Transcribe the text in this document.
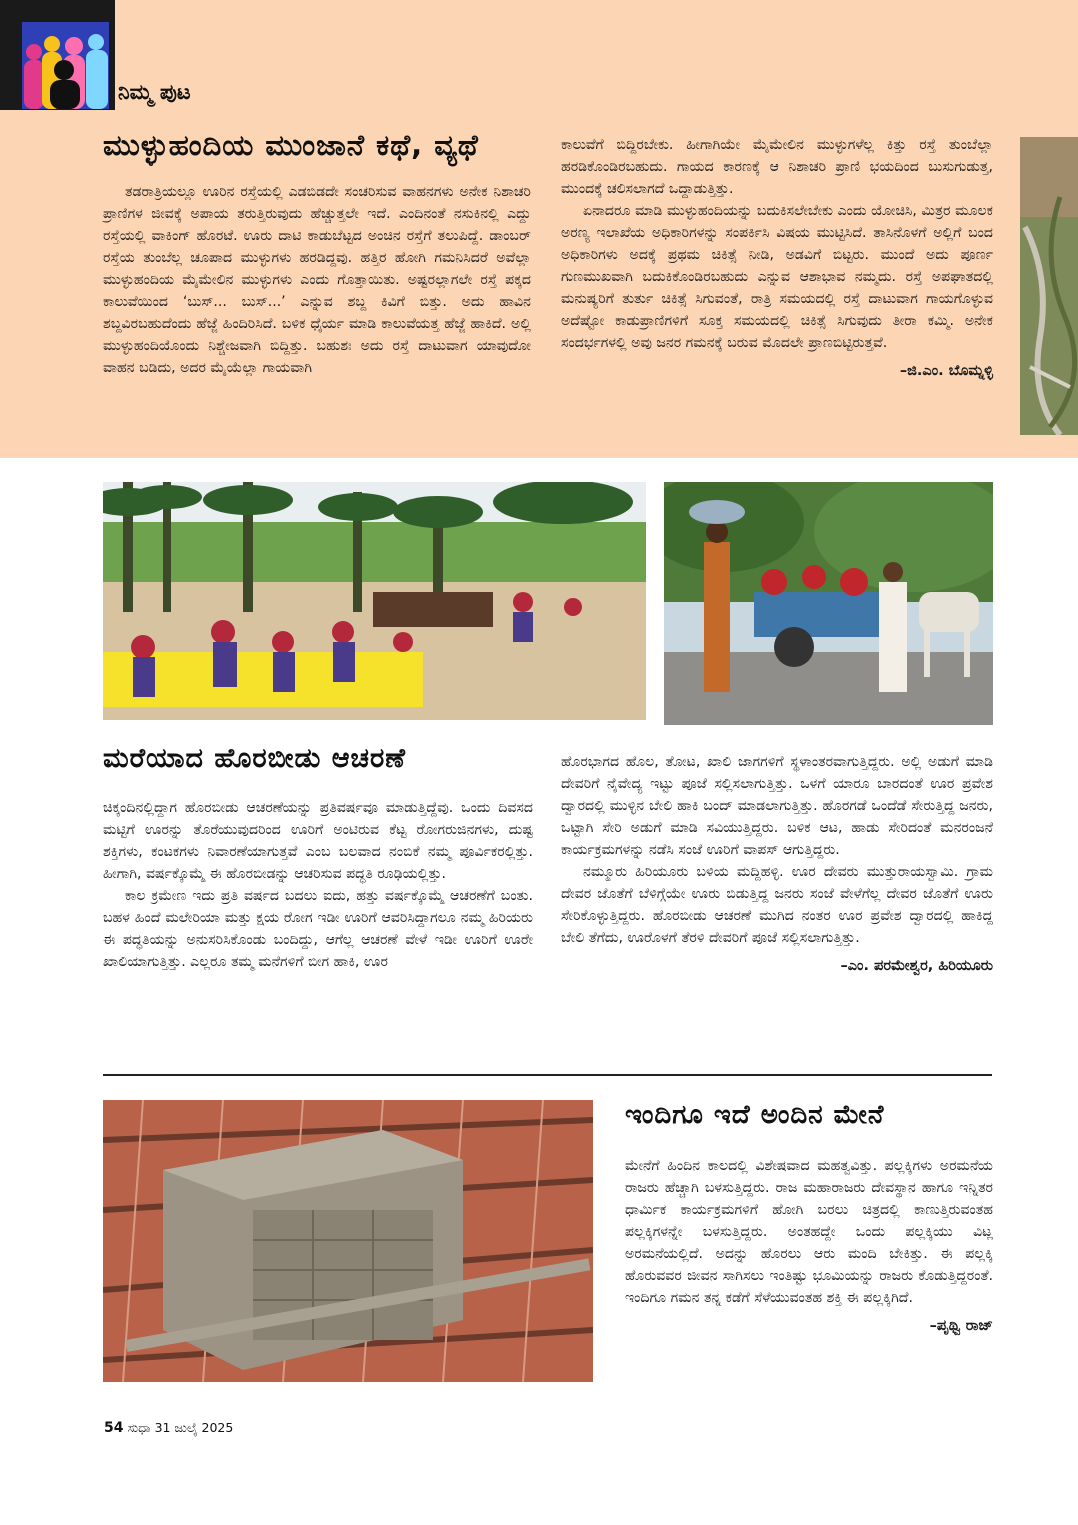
ನಿಮ್ಮ ಪುಟ
ಮುಳ್ಳುಹಂದಿಯ ಮುಂಜಾನೆ ಕಥೆ, ವ್ಯಥೆ

ತಡರಾತ್ರಿಯಲ್ಲೂ ಊರಿನ ರಸ್ತೆಯಲ್ಲಿ ಎಡಬಿಡದೇ ಸಂಚರಿಸುವ ವಾಹನಗಳು ಅನೇಕ ನಿಶಾಚರಿ ಪ್ರಾಣಿಗಳ ಜೀವಕ್ಕೆ ಅಪಾಯ ತರುತ್ತಿರುವುದು ಹೆಚ್ಚುತ್ತಲೇ ಇದೆ. ಎಂದಿನಂತೆ ನಸುಕಿನಲ್ಲಿ ಎದ್ದು ರಸ್ತೆಯಲ್ಲಿ ವಾಕಿಂಗ್ ಹೊರಟೆ. ಊರು ದಾಟಿ ಕಾಡುಬೆಟ್ಟದ ಅಂಚಿನ ರಸ್ತೆಗೆ ತಲುಪಿದ್ದೆ. ಡಾಂಬರ್ ರಸ್ತೆಯ ತುಂಬೆಲ್ಲ ಚೂಪಾದ ಮುಳ್ಳುಗಳು ಹರಡಿದ್ದವು. ಹತ್ತಿರ ಹೋಗಿ ಗಮನಿಸಿದರೆ ಅವೆಲ್ಲಾ ಮುಳ್ಳುಹಂದಿಯ ಮೈಮೇಲಿನ ಮುಳ್ಳುಗಳು ಎಂದು ಗೊತ್ತಾಯಿತು. ಅಷ್ಟರಲ್ಲಾಗಲೇ ರಸ್ತೆ ಪಕ್ಕದ ಕಾಲುವೆಯಿಂದ ‘ಬುಸ್... ಬುಸ್...’ ಎನ್ನುವ ಶಬ್ದ ಕಿವಿಗೆ ಬಿತ್ತು. ಅದು ಹಾವಿನ ಶಬ್ದವಿರಬಹುದೆಂದು ಹೆಜ್ಜೆ ಹಿಂದಿರಿಸಿದೆ. ಬಳಿಕ ಧೈರ್ಯ ಮಾಡಿ ಕಾಲುವೆಯತ್ತ ಹೆಜ್ಜೆ ಹಾಕಿದೆ. ಅಲ್ಲಿ ಮುಳ್ಳುಹಂದಿಯೊಂದು ನಿಶ್ಚೇಜವಾಗಿ ಬಿದ್ದಿತ್ತು. ಬಹುಶಃ ಅದು ರಸ್ತೆ ದಾಟುವಾಗ ಯಾವುದೋ ವಾಹನ ಬಡಿದು, ಅದರ ಮೈಯೆಲ್ಲಾ ಗಾಯವಾಗಿ

ಕಾಲುವೆಗೆ ಬಿದ್ದಿರಬೇಕು. ಹೀಗಾಗಿಯೇ ಮೈಮೇಲಿನ ಮುಳ್ಳುಗಳೆಲ್ಲ ಕಿತ್ತು ರಸ್ತೆ ತುಂಬೆಲ್ಲಾ ಹರಡಿಕೊಂಡಿರಬಹುದು. ಗಾಯದ ಕಾರಣಕ್ಕೆ ಆ ನಿಶಾಚರಿ ಪ್ರಾಣಿ ಭಯದಿಂದ ಬುಸುಗುಡುತ್ತ, ಮುಂದಕ್ಕೆ ಚಲಿಸಲಾಗದೆ ಒದ್ದಾಡುತ್ತಿತ್ತು.

ಏನಾದರೂ ಮಾಡಿ ಮುಳ್ಳುಹಂದಿಯನ್ನು ಬದುಕಿಸಲೇಬೇಕು ಎಂದು ಯೋಚಿಸಿ, ಮಿತ್ರರ ಮೂಲಕ ಅರಣ್ಯ ಇಲಾಖೆಯ ಅಧಿಕಾರಿಗಳನ್ನು ಸಂಪರ್ಕಿಸಿ ವಿಷಯ ಮುಟ್ಟಿಸಿದೆ. ತಾಸಿನೊಳಗೆ ಅಲ್ಲಿಗೆ ಬಂದ ಅಧಿಕಾರಿಗಳು ಅದಕ್ಕೆ ಪ್ರಥಮ ಚಿಕಿತ್ಸೆ ನೀಡಿ, ಅಡವಿಗೆ ಬಿಟ್ಟರು. ಮುಂದೆ ಅದು ಪೂರ್ಣ ಗುಣಮುಖವಾಗಿ ಬದುಕಿಕೊಂಡಿರಬಹುದು ಎನ್ನುವ ಆಶಾಭಾವ ನಮ್ಮದು. ರಸ್ತೆ ಅಪಘಾತದಲ್ಲಿ ಮನುಷ್ಯರಿಗೆ ತುರ್ತು ಚಿಕಿತ್ಸೆ ಸಿಗುವಂತೆ, ರಾತ್ರಿ ಸಮಯದಲ್ಲಿ ರಸ್ತೆ ದಾಟುವಾಗ ಗಾಯಗೊಳ್ಳುವ ಅದೆಷ್ಟೋ ಕಾಡುಪ್ರಾಣಿಗಳಿಗೆ ಸೂಕ್ತ ಸಮಯದಲ್ಲಿ ಚಿಕಿತ್ಸೆ ಸಿಗುವುದು ತೀರಾ ಕಮ್ಮಿ. ಅನೇಕ ಸಂದರ್ಭಗಳಲ್ಲಿ ಅವು ಜನರ ಗಮನಕ್ಕೆ ಬರುವ ಮೊದಲೇ ಪ್ರಾಣಬಿಟ್ಟಿರುತ್ತವೆ.

–ಜಿ.ಎಂ. ಬೊಮ್ನಳ್ಳಿ
ಮರೆಯಾದ ಹೊರಬೀಡು ಆಚರಣೆ

ಚಿಕ್ಕಂದಿನಲ್ಲಿದ್ದಾಗ ಹೊರಬೀಡು ಆಚರಣೆಯನ್ನು ಪ್ರತಿವರ್ಷವೂ ಮಾಡುತ್ತಿದ್ದೆವು. ಒಂದು ದಿವಸದ ಮಟ್ಟಿಗೆ ಊರನ್ನು ತೊರೆಯುವುದರಿಂದ ಊರಿಗೆ ಅಂಟಿರುವ ಕೆಟ್ಟ ರೋಗರುಜಿನಗಳು, ದುಷ್ಟ ಶಕ್ತಿಗಳು, ಕಂಟಕಗಳು ನಿವಾರಣೆಯಾಗುತ್ತವೆ ಎಂಬ ಬಲವಾದ ನಂಬಿಕೆ ನಮ್ಮ ಪೂರ್ವಿಕರಲ್ಲಿತ್ತು. ಹೀಗಾಗಿ, ವರ್ಷಕ್ಕೊಮ್ಮೆ ಈ ಹೊರಬೀಡನ್ನು ಆಚರಿಸುವ ಪದ್ಧತಿ ರೂಢಿಯಲ್ಲಿತ್ತು.

ಕಾಲ ಕ್ರಮೇಣ ಇದು ಪ್ರತಿ ವರ್ಷದ ಬದಲು ಐದು, ಹತ್ತು ವರ್ಷಕ್ಕೊಮ್ಮೆ ಆಚರಣೆಗೆ ಬಂತು. ಬಹಳ ಹಿಂದೆ ಮಲೇರಿಯಾ ಮತ್ತು ಕ್ಷಯ ರೋಗ ಇಡೀ ಊರಿಗೆ ಆವರಿಸಿದ್ದಾಗಲೂ ನಮ್ಮ ಹಿರಿಯರು ಈ ಪದ್ಧತಿಯನ್ನು ಅನುಸರಿಸಿಕೊಂಡು ಬಂದಿದ್ದು, ಆಗೆಲ್ಲ ಆಚರಣೆ ವೇಳೆ ಇಡೀ ಊರಿಗೆ ಊರೇ ಖಾಲಿಯಾಗುತ್ತಿತ್ತು. ಎಲ್ಲರೂ ತಮ್ಮ ಮನೆಗಳಿಗೆ ಬೀಗ ಹಾಕಿ, ಊರ

ಹೊರಭಾಗದ ಹೊಲ, ತೋಟ, ಖಾಲಿ ಜಾಗಗಳಿಗೆ ಸ್ಥಳಾಂತರವಾಗುತ್ತಿದ್ದರು. ಅಲ್ಲಿ ಅಡುಗೆ ಮಾಡಿ ದೇವರಿಗೆ ನೈವೇದ್ಯ ಇಟ್ಟು ಪೂಜೆ ಸಲ್ಲಿಸಲಾಗುತ್ತಿತ್ತು. ಒಳಗೆ ಯಾರೂ ಬಾರದಂತೆ ಊರ ಪ್ರವೇಶ ದ್ವಾರದಲ್ಲಿ ಮುಳ್ಳಿನ ಬೇಲಿ ಹಾಕಿ ಬಂದ್ ಮಾಡಲಾಗುತ್ತಿತ್ತು. ಹೊರಗಡೆ ಒಂದೆಡೆ ಸೇರುತ್ತಿದ್ದ ಜನರು, ಒಟ್ಟಾಗಿ ಸೇರಿ ಅಡುಗೆ ಮಾಡಿ ಸವಿಯುತ್ತಿದ್ದರು. ಬಳಿಕ ಆಟ, ಹಾಡು ಸೇರಿದಂತೆ ಮನರಂಜನೆ ಕಾರ್ಯಕ್ರಮಗಳನ್ನು ನಡೆಸಿ ಸಂಜೆ ಊರಿಗೆ ವಾಪಸ್ ಆಗುತ್ತಿದ್ದರು.

ನಮ್ಮೂರು ಹಿರಿಯೂರು ಬಳಿಯ ಮದ್ದಿಹಳ್ಳಿ. ಊರ ದೇವರು ಮುತ್ತುರಾಯಸ್ವಾಮಿ. ಗ್ರಾಮ ದೇವರ ಜೊತೆಗೆ ಬೆಳಿಗ್ಗೆಯೇ ಊರು ಬಿಡುತ್ತಿದ್ದ ಜನರು ಸಂಜೆ ವೇಳೆಗೆಲ್ಲ ದೇವರ ಜೊತೆಗೆ ಊರು ಸೇರಿಕೊಳ್ಳುತ್ತಿದ್ದರು. ಹೊರಬೀಡು ಆಚರಣೆ ಮುಗಿದ ನಂತರ ಊರ ಪ್ರವೇಶ ದ್ವಾರದಲ್ಲಿ ಹಾಕಿದ್ದ ಬೇಲಿ ತೆಗೆದು, ಊರೊಳಗೆ ತೆರಳಿ ದೇವರಿಗೆ ಪೂಜೆ ಸಲ್ಲಿಸಲಾಗುತ್ತಿತ್ತು.

–ಎಂ. ಪರಮೇಶ್ವರ, ಹಿರಿಯೂರು
ಇಂದಿಗೂ ಇದೆ ಅಂದಿನ ಮೇನೆ

ಮೇನೆಗೆ ಹಿಂದಿನ ಕಾಲದಲ್ಲಿ ವಿಶೇಷವಾದ ಮಹತ್ವವಿತ್ತು. ಪಲ್ಲಕ್ಕಿಗಳು ಅರಮನೆಯ ರಾಜರು ಹೆಚ್ಚಾಗಿ ಬಳಸುತ್ತಿದ್ದರು. ರಾಜ ಮಹಾರಾಜರು ದೇವಸ್ಥಾನ ಹಾಗೂ ಇನ್ನಿತರ ಧಾರ್ಮಿಕ ಕಾರ್ಯಕ್ರಮಗಳಿಗೆ ಹೋಗಿ ಬರಲು ಚಿತ್ರದಲ್ಲಿ ಕಾಣುತ್ತಿರುವಂತಹ ಪಲ್ಲಕ್ಕಿಗಳನ್ನೇ ಬಳಸುತ್ತಿದ್ದರು. ಅಂತಹದ್ದೇ ಒಂದು ಪಲ್ಲಕ್ಕಿಯು ವಿಟ್ಲ ಅರಮನೆಯಲ್ಲಿದೆ. ಅದನ್ನು ಹೊರಲು ಆರು ಮಂದಿ ಬೇಕಿತ್ತು. ಈ ಪಲ್ಲಕ್ಕಿ ಹೊರುವವರ ಜೀವನ ಸಾಗಿಸಲು ಇಂತಿಷ್ಟು ಭೂಮಿಯನ್ನು ರಾಜರು ಕೊಡುತ್ತಿದ್ದರಂತೆ. ಇಂದಿಗೂ ಗಮನ ತನ್ನ ಕಡೆಗೆ ಸೆಳೆಯುವಂತಹ ಶಕ್ತಿ ಈ ಪಲ್ಲಕ್ಕಿಗಿದೆ.

–ಪೃಥ್ವಿ ರಾಜ್
54 ಸುಧಾ 31 ಜುಲೈ 2025
